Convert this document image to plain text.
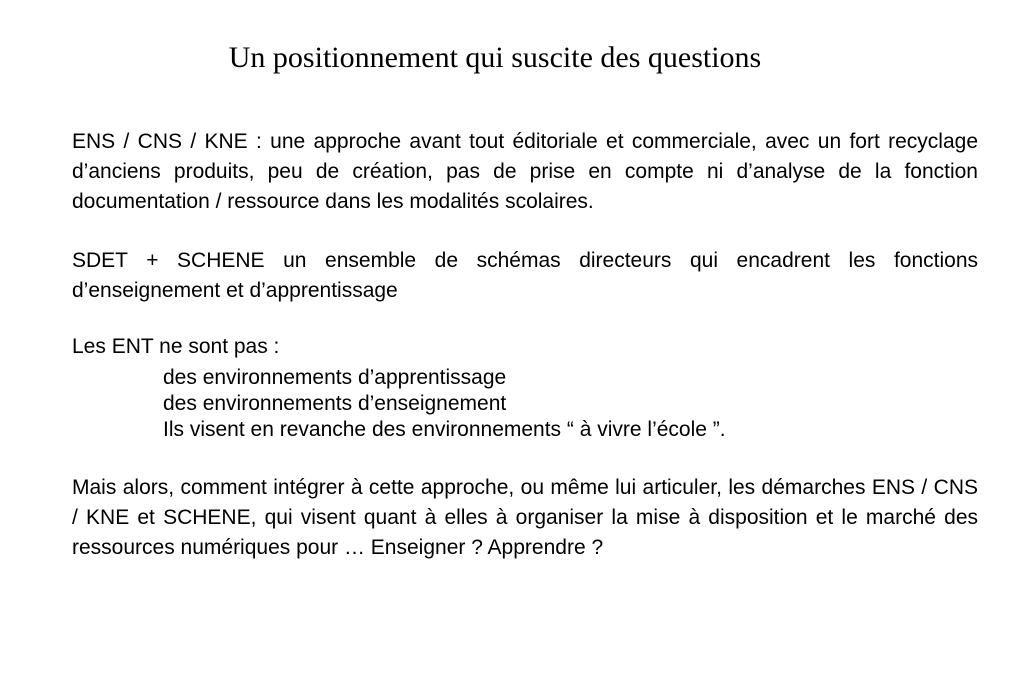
Un positionnement qui suscite des questions

ENS / CNS / KNE : une approche avant tout éditoriale et commerciale, avec un fort recyclage d’anciens produits, peu de création, pas de prise en compte ni d’analyse de la fonction documentation / ressource dans les modalités scolaires.

SDET + SCHENE un ensemble de schémas directeurs qui encadrent les fonctions d’enseignement et d’apprentissage

Les ENT ne sont pas :

des environnements d’apprentissage
des environnements d’enseignement
Ils visent en revanche des environnements “ à vivre l’école ”.

Mais alors, comment intégrer à cette approche, ou même lui articuler, les démarches ENS / CNS / KNE et SCHENE, qui visent quant à elles à organiser la mise à disposition et le marché des ressources numériques pour … Enseigner ? Apprendre ?
